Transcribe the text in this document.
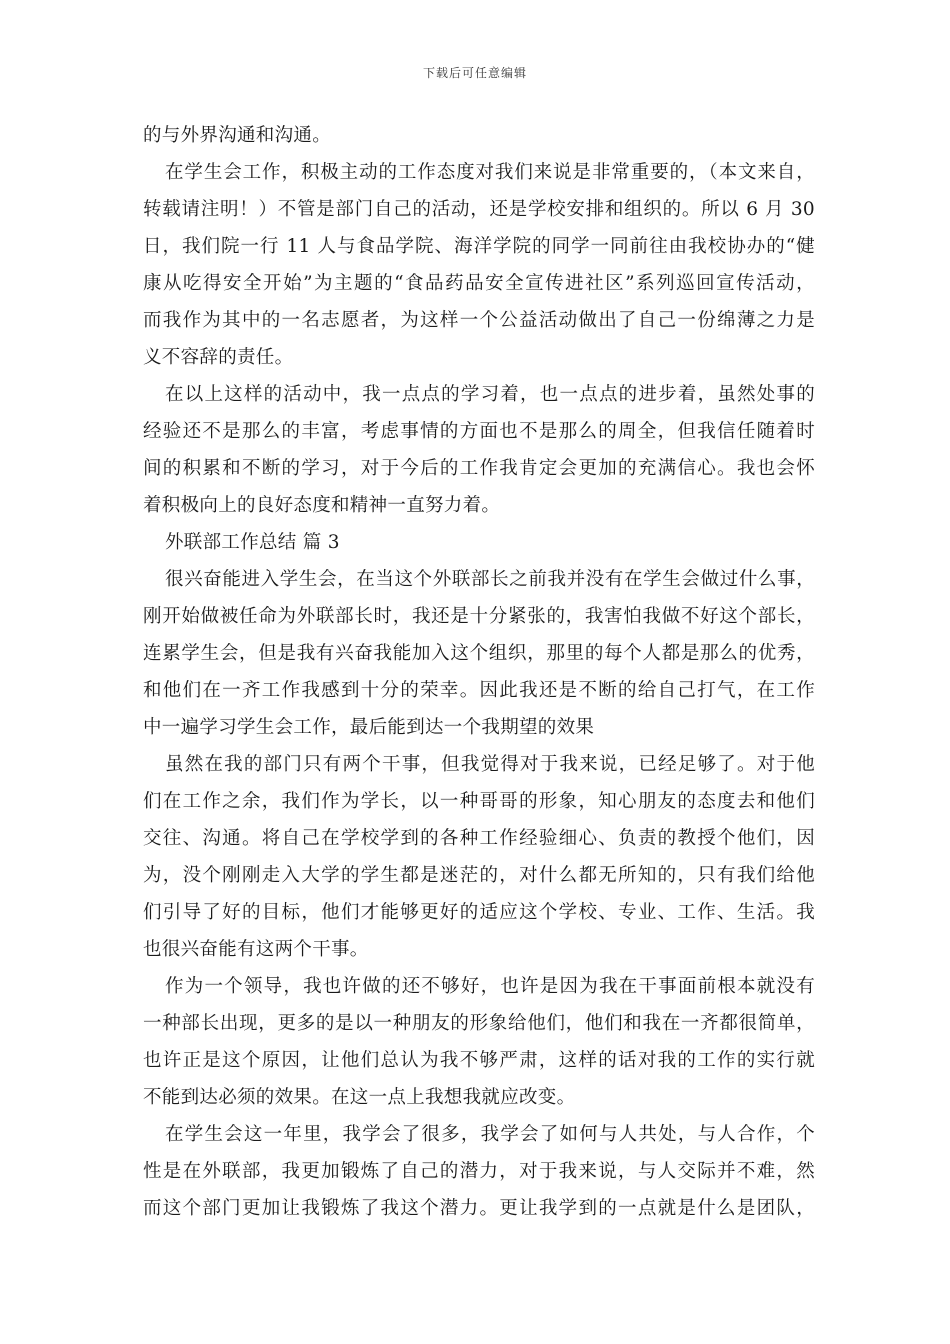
下载后可任意编辑
的与外界沟通和沟通。
在学生会工作，积极主动的工作态度对我们来说是非常重要的，（本文来自，
转载请注明！）不管是部门自己的活动，还是学校安排和组织的。所以 6 月 30
日，我们院一行 11 人与食品学院、海洋学院的同学一同前往由我校协办的“健
康从吃得安全开始”为主题的“食品药品安全宣传进社区”系列巡回宣传活动，
而我作为其中的一名志愿者，为这样一个公益活动做出了自己一份绵薄之力是
义不容辞的责任。
在以上这样的活动中，我一点点的学习着，也一点点的进步着，虽然处事的
经验还不是那么的丰富，考虑事情的方面也不是那么的周全，但我信任随着时
间的积累和不断的学习，对于今后的工作我肯定会更加的充满信心。我也会怀
着积极向上的良好态度和精神一直努力着。
外联部工作总结 篇 3
很兴奋能进入学生会，在当这个外联部长之前我并没有在学生会做过什么事，
刚开始做被任命为外联部长时，我还是十分紧张的，我害怕我做不好这个部长，
连累学生会，但是我有兴奋我能加入这个组织，那里的每个人都是那么的优秀，
和他们在一齐工作我感到十分的荣幸。因此我还是不断的给自己打气，在工作
中一遍学习学生会工作，最后能到达一个我期望的效果
虽然在我的部门只有两个干事，但我觉得对于我来说，已经足够了。对于他
们在工作之余，我们作为学长，以一种哥哥的形象，知心朋友的态度去和他们
交往、沟通。将自己在学校学到的各种工作经验细心、负责的教授个他们，因
为，没个刚刚走入大学的学生都是迷茫的，对什么都无所知的，只有我们给他
们引导了好的目标，他们才能够更好的适应这个学校、专业、工作、生活。我
也很兴奋能有这两个干事。
作为一个领导，我也许做的还不够好，也许是因为我在干事面前根本就没有
一种部长出现，更多的是以一种朋友的形象给他们，他们和我在一齐都很简单，
也许正是这个原因，让他们总认为我不够严肃，这样的话对我的工作的实行就
不能到达必须的效果。在这一点上我想我就应改变。
在学生会这一年里，我学会了很多，我学会了如何与人共处，与人合作，个
性是在外联部，我更加锻炼了自己的潜力，对于我来说，与人交际并不难，然
而这个部门更加让我锻炼了我这个潜力。更让我学到的一点就是什么是团队，
